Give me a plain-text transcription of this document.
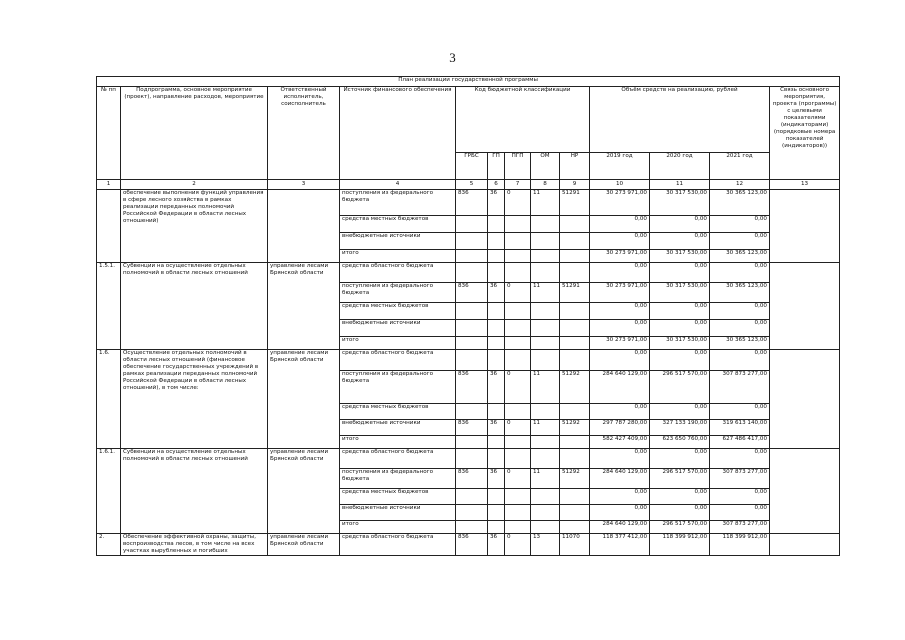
3
План реализации государственной программы												
№ пп	Подпрограмма, основное мероприятие (проект), направление расходов, мероприятие	Ответственный исполнитель, соисполнитель	Источник финансового обеспечения	Код бюджетной классификации					Объём средств на реализацию, рублей			Связь основного мероприятия, проекта (программы) с целевыми показателями (индикаторами) (порядковые номера показателей (индикаторов))
				ГРБС	ГП	ПГП	ОМ	НР	2019 год	2020 год	2021 год	
1	2	3	4	5	6	7	8	9	10	11	12	13
	обеспечение выполнения функций управления в сфере лесного хозяйства в рамках реализации переданных полномочий Российской Федерации в области лесных отношений)		поступления из федерального бюджета	836	36	0	11	51291	30 273 971,00	30 317 530,00	30 365 123,00	
			средства местных бюджетов						0,00	0,00	0,00	
			внебюджетные источники						0,00	0,00	0,00	
			итого						30 273 971,00	30 317 530,00	30 365 123,00	
1.5.1.	Субвенции на осуществление отдельных полномочий в области лесных отношений	управление лесами Брянской области	средства областного бюджета						0,00	0,00	0,00	
			поступления из федерального бюджета	836	36	0	11	51291	30 273 971,00	30 317 530,00	30 365 123,00	
			средства местных бюджетов						0,00	0,00	0,00	
			внебюджетные источники						0,00	0,00	0,00	
			итого						30 273 971,00	30 317 530,00	30 365 123,00	
1.6.	Осуществление отдельных полномочий в области лесных отношений (финансовое обеспечение государственных учреждений в рамках реализации переданных полномочий Российской Федерации в области лесных отношений), в том числе:	управление лесами Брянской области	средства областного бюджета						0,00	0,00	0,00	
			поступления из федерального бюджета	836	36	0	11	51292	284 640 129,00	296 517 570,00	307 873 277,00	
			средства местных бюджетов						0,00	0,00	0,00	
			внебюджетные источники	836	36	0	11	51292	297 787 280,00	327 133 190,00	319 613 140,00	
			итого						582 427 409,00	623 650 760,00	627 486 417,00	
1.6.1.	Субвенции на осуществление отдельных полномочий в области лесных отношений	управление лесами Брянской области	средства областного бюджета						0,00	0,00	0,00	
			поступления из федерального бюджета	836	36	0	11	51292	284 640 129,00	296 517 570,00	307 873 277,00	
			средства местных бюджетов						0,00	0,00	0,00	
			внебюджетные источники						0,00	0,00	0,00	
			итого						284 640 129,00	296 517 570,00	307 873 277,00	
2.	Обеспечение эффективной охраны, защиты, воспроизводства лесов, в том числе на всех участках вырубленных и погибших	управление лесами Брянской области	средства областного бюджета	836	36	0	13	11070	118 377 412,00	118 399 912,00	118 399 912,00	
